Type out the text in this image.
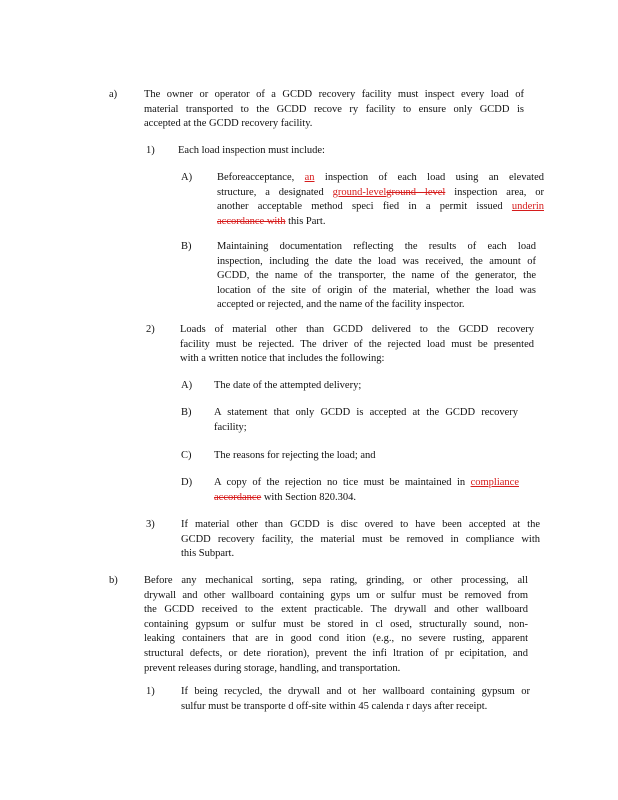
a)	The owner or operator of a GCDD recovery facility must inspect every load of
material transported to the GCDD recove ry facility to ensure only GCDD is
accepted at the GCDD recovery facility.
1) Each load inspection must include:
A) Beforeacceptance, an inspection of each load using an elevated
structure, a designated ground-levelground level inspection area, or
another acceptable method speci fied in a permit issued underin
accordance with this Part.
B) Maintaining documentation reflecting the results of each load
inspection, including the date the load was received, the amount of
GCDD, the name of the transporter, the name of the generator, the
location of the site of origin of the material, whether the load was
accepted or rejected, and the name of the facility inspector.
2) Loads of material other than GCDD delivered to the GCDD recovery
facility must be rejected. The driver of the rejected load must be presented
with a written notice that includes the following:
A) The date of the attempted delivery;
B) A statement that only GCDD is accepted at the GCDD recovery
facility;
C) The reasons for rejecting the load; and
D) A copy of the rejection no tice must be maintained in compliance
accordance with Section 820.304.
3)	If material other than GCDD is disc overed to have been accepted at the
GCDD recovery facility, the material must be removed in compliance with
this Subpart.
b)	Before any mechanical sorting, sepa rating, grinding, or other processing, all
drywall and other wallboard containing gyps um or sulfur must be removed from
the GCDD received to the extent practicable. The drywall and other wallboard
containing gypsum or sulfur must be stored in cl osed, structurally sound, non-
leaking containers that are in good cond ition (e.g., no severe rusting, apparent
structural defects, or dete rioration), prevent the infi ltration of pr ecipitation, and
prevent releases during storage, handling, and transportation.
1)	If being recycled, the drywall and ot her wallboard containing gypsum or
sulfur must be transporte d off-site within 45 calenda r days after receipt.
